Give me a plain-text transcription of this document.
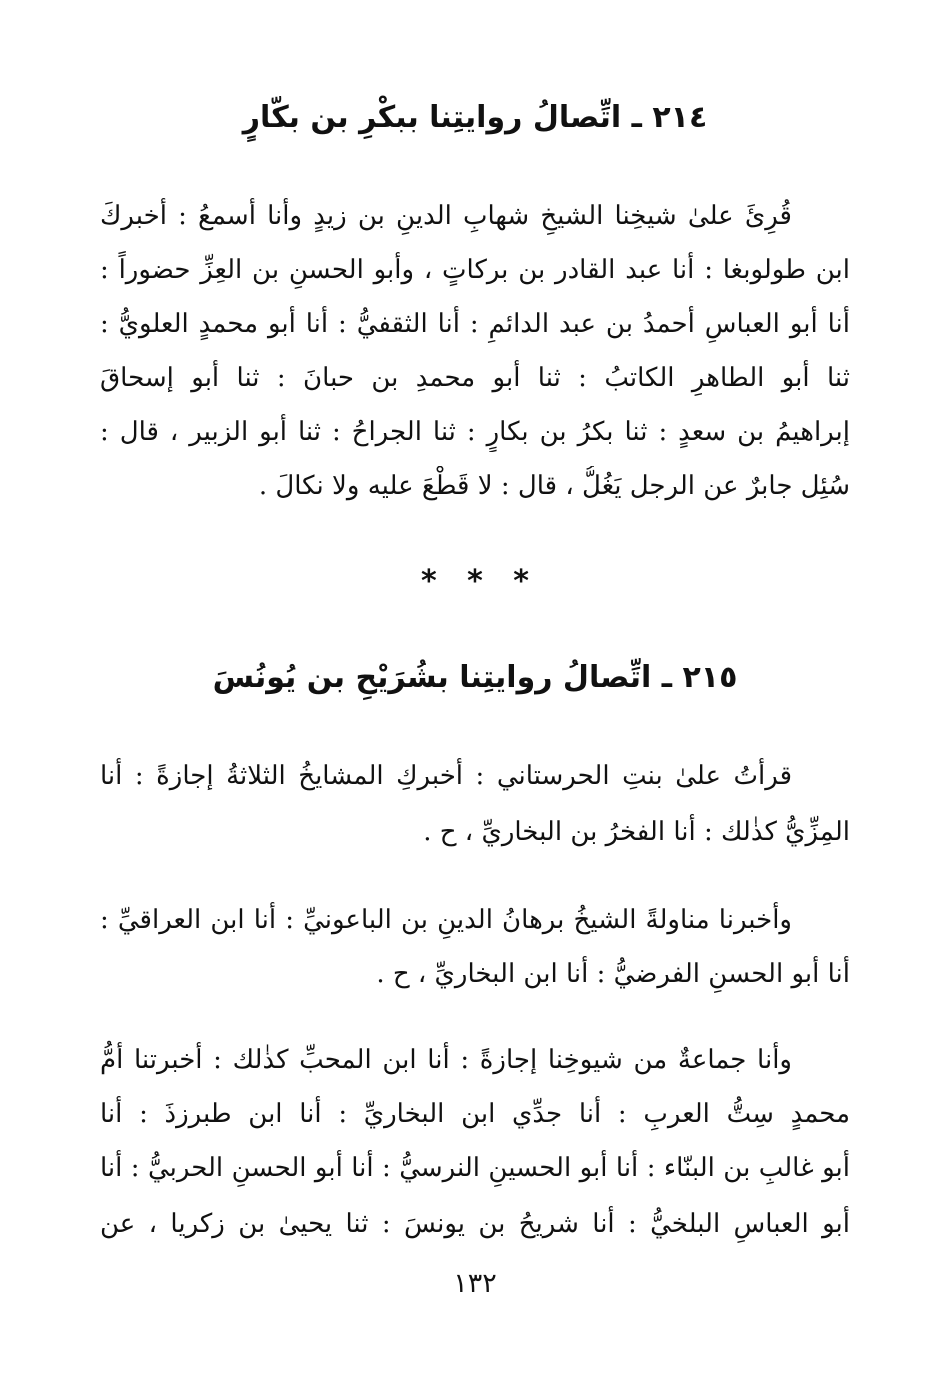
٢١٤ ـ اتِّصالُ روايتِنا ببكْرِ بن بكّارٍ
قُرِئَ علىٰ شيخِنا الشيخِ شهابِ الدينِ بن زيدٍ وأنا أسمعُ : أخبركَ
ابن طولوبغا : أنا عبد القادر بن بركاتٍ ، وأبو الحسنِ بن العِزِّ حضوراً :
أنا أبو العباسِ أحمدُ بن عبد الدائمِ : أنا الثقفيُّ : أنا أبو محمدٍ العلويُّ :
ثنا أبو الطاهرِ الكاتبُ : ثنا أبو محمدِ بن حبانَ : ثنا أبو إسحاقَ
إبراهيمُ بن سعدٍ : ثنا بكرُ بن بكارٍ : ثنا الجراحُ : ثنا أبو الزبير ، قال :
سُئِل جابرٌ عن الرجل يَغُلُّ ، قال : لا قَطْعَ عليه ولا نكالَ .
* * *
٢١٥ ـ اتِّصالُ روايتِنا بشُرَيْحِ بن يُونُسَ
قرأتُ علىٰ بنتِ الحرستاني : أخبركِ المشايخُ الثلاثةُ إجازةً : أنا
المِزِّيُّ كذٰلك : أنا الفخرُ بن البخاريِّ ، ح .
وأخبرنا مناولةً الشيخُ برهانُ الدينِ بن الباعونيِّ : أنا ابن العراقيِّ :
أنا أبو الحسنِ الفرضيُّ : أنا ابن البخاريِّ ، ح .
وأنا جماعةٌ من شيوخِنا إجازةً : أنا ابن المحبِّ كذٰلك : أخبرتنا أمُّ
محمدٍ سِتُّ العربِ : أنا جدِّي ابن البخاريِّ : أنا ابن طبرزذَ : أنا
أبو غالبِ بن البنّاء : أنا أبو الحسينِ النرسيُّ : أنا أبو الحسنِ الحربيُّ : أنا
أبو العباسِ البلخيُّ : أنا شريحُ بن يونسَ : ثنا يحيىٰ بن زكريا ، عن
١٣٢
